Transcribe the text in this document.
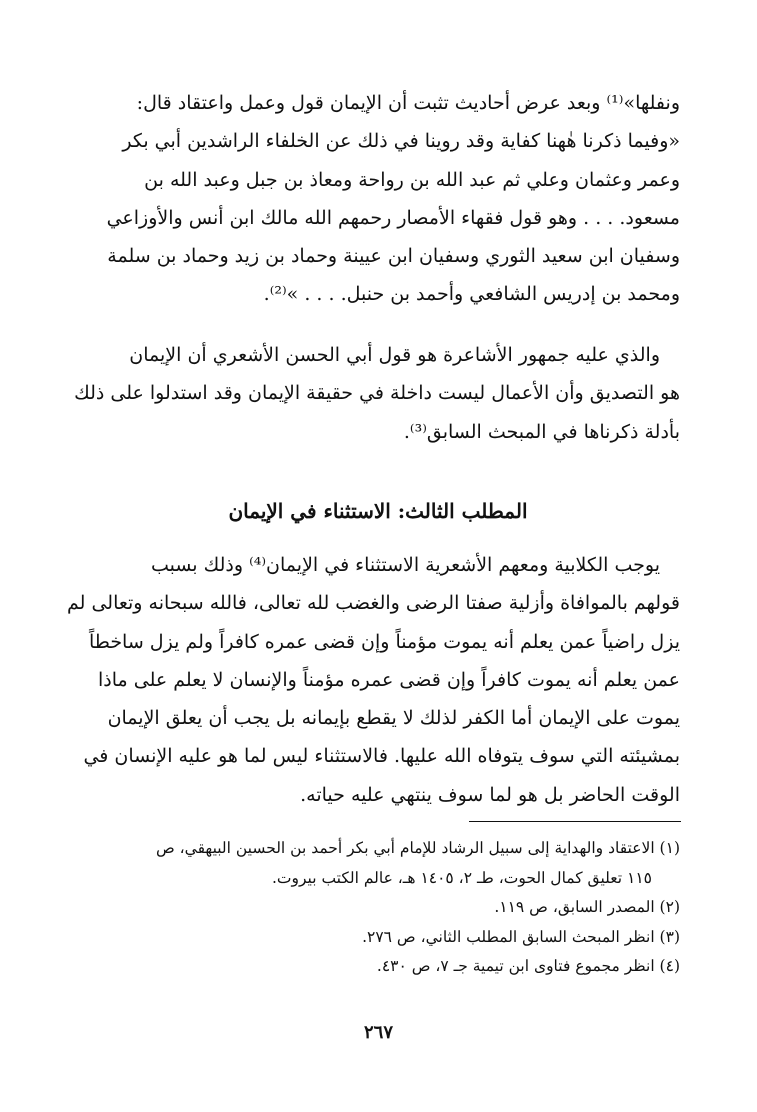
ونفلها»⁽¹⁾ وبعد عرض أحاديث تثبت أن الإيمان قول وعمل واعتقاد قال:
«وفيما ذكرنا هٰهنا كفاية وقد روينا في ذلك عن الخلفاء الراشدين أبي بكر
وعمر وعثمان وعلي ثم عبد الله بن رواحة ومعاذ بن جبل وعبد الله بن
مسعود. . . . وهو قول فقهاء الأمصار رحمهم الله مالك ابن أنس والأوزاعي
وسفيان ابن سعيد الثوري وسفيان ابن عيينة وحماد بن زيد وحماد بن سلمة
ومحمد بن إدريس الشافعي وأحمد بن حنبل. . . . »⁽²⁾.
والذي عليه جمهور الأشاعرة هو قول أبي الحسن الأشعري أن الإيمان
هو التصديق وأن الأعمال ليست داخلة في حقيقة الإيمان وقد استدلوا على ذلك
بأدلة ذكرناها في المبحث السابق⁽³⁾.
المطلب الثالث: الاستثناء في الإيمان
يوجب الكلابية ومعهم الأشعرية الاستثناء في الإيمان⁽⁴⁾ وذلك بسبب
قولهم بالموافاة وأزلية صفتا الرضى والغضب لله تعالى، فالله سبحانه وتعالى لم
يزل راضياً عمن يعلم أنه يموت مؤمناً وإن قضى عمره كافراً ولم يزل ساخطاً
عمن يعلم أنه يموت كافراً وإن قضى عمره مؤمناً والإنسان لا يعلم على ماذا
يموت على الإيمان أما الكفر لذلك لا يقطع بإيمانه بل يجب أن يعلق الإيمان
بمشيئته التي سوف يتوفاه الله عليها. فالاستثناء ليس لما هو عليه الإنسان في
الوقت الحاضر بل هو لما سوف ينتهي عليه حياته.
(١) الاعتقاد والهداية إلى سبيل الرشاد للإمام أبي بكر أحمد بن الحسين البيهقي، ص
١١٥ تعليق كمال الحوت، طـ ٢، ١٤٠٥ هـ، عالم الكتب بيروت.
(٢) المصدر السابق، ص ١١٩.
(٣) انظر المبحث السابق المطلب الثاني، ص ٢٧٦.
(٤) انظر مجموع فتاوى ابن تيمية جـ ٧، ص ٤٣٠.
٢٦٧
